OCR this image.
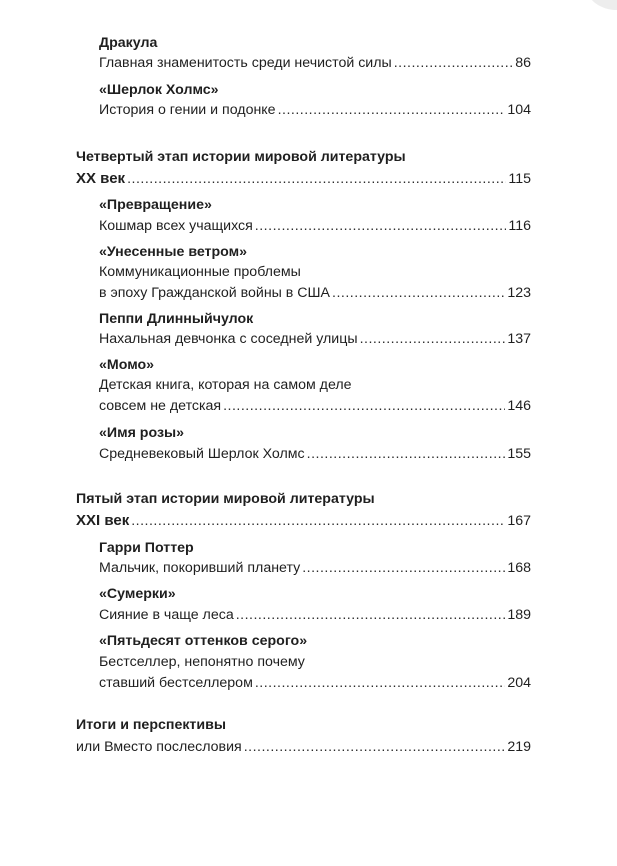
Дракула
Главная знаменитость среди нечистой силы .....	86
«Шерлок Холмс»
История о гении и подонке .....	104
Четвертый этап истории мировой литературы
XX век .....	115
«Превращение»
Кошмар всех учащихся .....	116
«Унесенные ветром»
Коммуникационные проблемы
в эпоху Гражданской войны в США .....	123
Пеппи Длинныйчулок
Нахальная девчонка с соседней улицы .....	137
«Момо»
Детская книга, которая на самом деле
совсем не детская .....	146
«Имя розы»
Средневековый Шерлок Холмс .....	155
Пятый этап истории мировой литературы
XXI век .....	167
Гарри Поттер
Мальчик, покоривший планету .....	168
«Сумерки»
Сияние в чаще леса .....	189
«Пятьдесят оттенков серого»
Бестселлер, непонятно почему
ставший бестселлером .....	204
Итоги и перспективы
или Вместо послесловия .....	219
